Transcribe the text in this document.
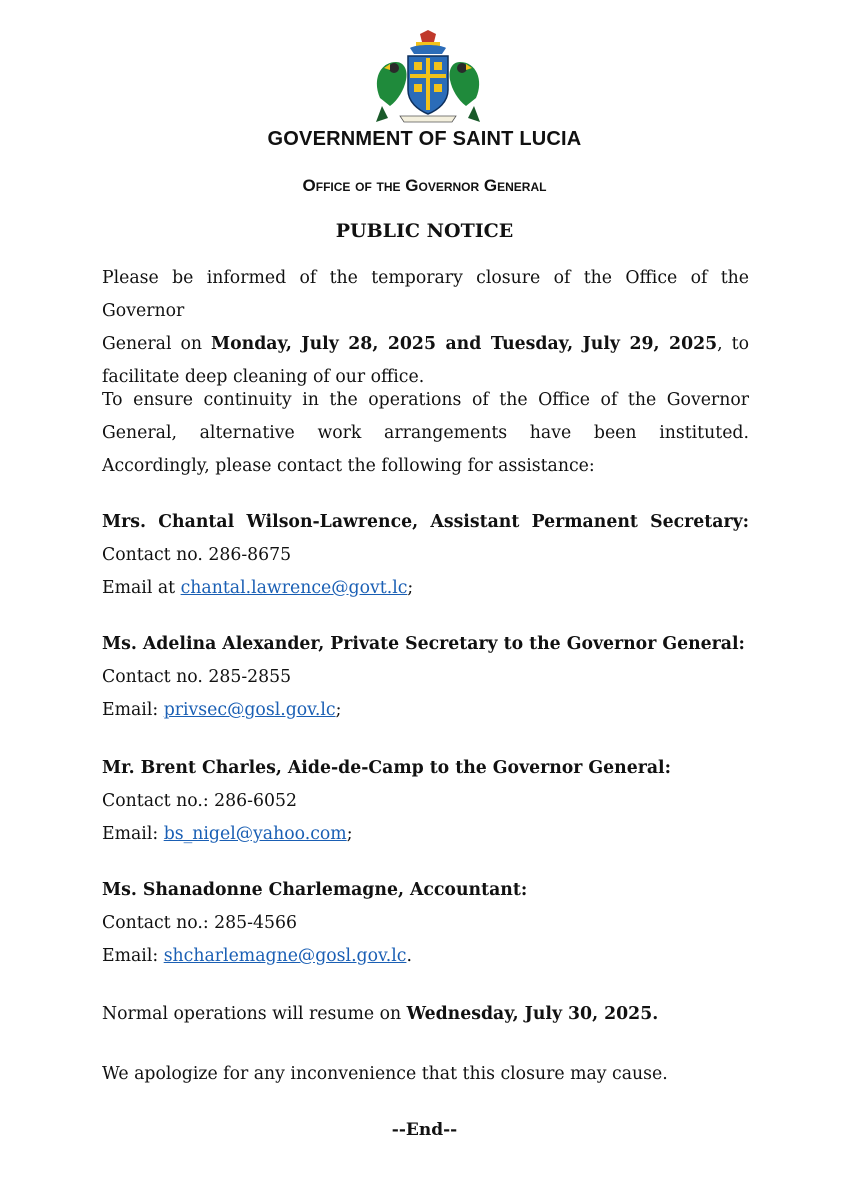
GOVERNMENT OF SAINT LUCIA
Office of the Governor General
PUBLIC NOTICE
Please be informed of the temporary closure of the Office of the Governor
General on Monday, July 28, 2025 and Tuesday, July 29, 2025, to
facilitate deep cleaning of our office.
To ensure continuity in the operations of the Office of the Governor
General, alternative work arrangements have been instituted.
Accordingly, please contact the following for assistance:
Mrs. Chantal Wilson-Lawrence, Assistant Permanent Secretary:
Contact no. 286-8675
Email at chantal.lawrence@govt.lc;
Ms. Adelina Alexander, Private Secretary to the Governor General:
Contact no. 285-2855
Email: privsec@gosl.gov.lc;
Mr. Brent Charles, Aide-de-Camp to the Governor General:
Contact no.: 286-6052
Email: bs_nigel@yahoo.com;
Ms. Shanadonne Charlemagne, Accountant:
Contact no.: 285-4566
Email: shcharlemagne@gosl.gov.lc.
Normal operations will resume on Wednesday, July 30, 2025.
We apologize for any inconvenience that this closure may cause.
--End--
